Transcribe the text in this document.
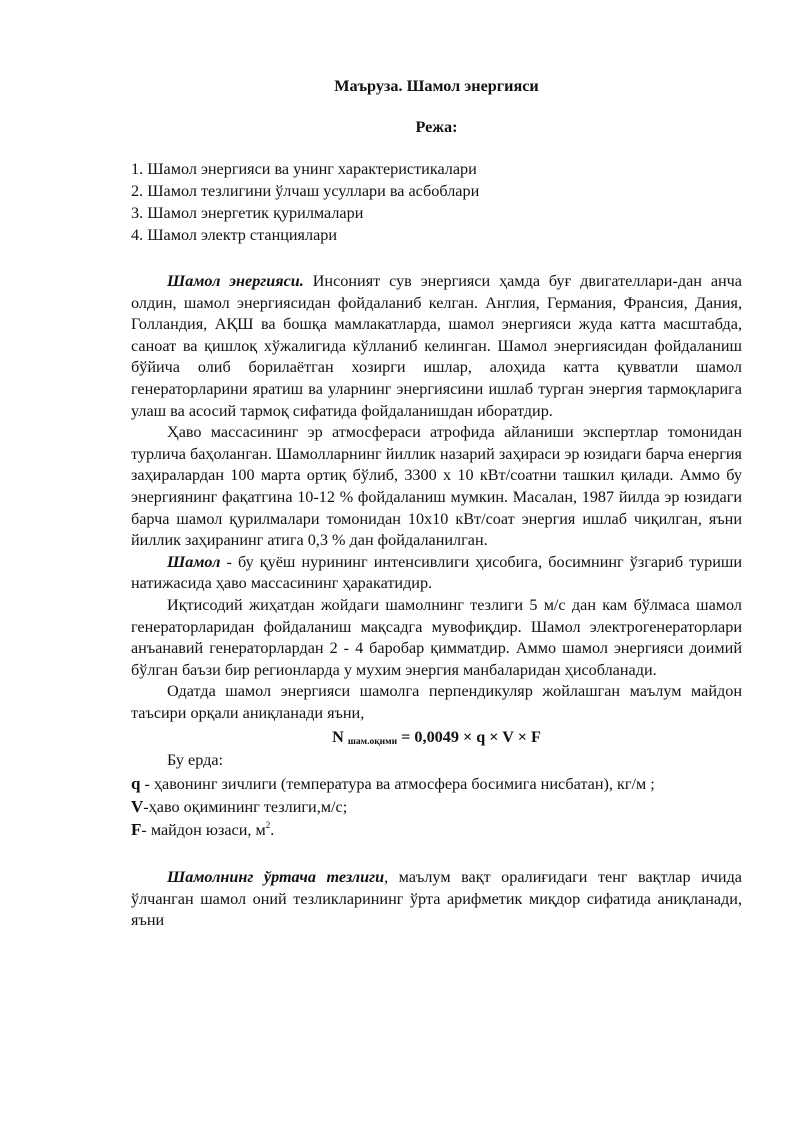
Маъруза. Шамол энергияси

Режа:

1. Шамол энергияси ва унинг характеристикалари
2. Шамол тезлигини ўлчаш усуллари ва асбоблари
3. Шамол энергетик қурилмалари
4. Шамол электр станциялари

Шамол энергияси. Инсоният сув энергияси ҳамда буғ двигателлари-дан анча олдин, шамол энергиясидан фойдаланиб келган. Англия, Германия, Франсия, Дания, Голландия, АҚШ ва бошқа мамлакатларда, шамол энергияси жуда катта масштабда, саноат ва қишлоқ хўжалигида кўлланиб келинган. Шамол энергиясидан фойдаланиш бўйича олиб борилаётган хозирги ишлар, алоҳида катта қувватли шамол генераторларини яратиш ва уларнинг энергиясини ишлаб турган энергия тармоқларига улаш ва асосий тармоқ сифатида фойдаланишдан иборатдир.

Ҳаво массасининг эр атмосфераси атрофида айланиши экспертлар томонидан турлича баҳоланган. Шамолларнинг йиллик назарий заҳираси эр юзидаги барча енергия заҳиралардан 100 марта ортиқ бўлиб, 3300 x 10 кВт/соатни ташкил қилади. Аммо бу энергиянинг фақатгина 10-12 % фойдаланиш мумкин. Масалан, 1987 йилда эр юзидаги барча шамол қурилмалари томонидан 10x10 кВт/соат энергия ишлаб чиқилган, яъни йиллик заҳиранинг атига 0,3 % дан фойдаланилган.

Шамол - бу қуёш нурининг интенсивлиги ҳисобига, босимнинг ўзгариб туриши натижасида ҳаво массасининг ҳаракатидир.

Иқтисодий жиҳатдан жойдаги шамолнинг тезлиги 5 м/с дан кам бўлмаса шамол генераторларидан фойдаланиш мақсадга мувофиқдир. Шамол электрогенераторлари анъанавий генераторлардан 2 - 4 баробар қимматдир. Аммо шамол энергияси доимий бўлган баъзи бир регионларда у мухим энергия манбаларидан ҳисобланади.

Одатда шамол энергияси шамолга перпендикуляр жойлашган маълум майдон таъсири орқали аниқланади яъни,

N $_{шам.оқими}$ = 0,0049 × q × V × F

Бу ерда:

q - ҳавонинг зичлиги (температура ва атмосфера босимига нисбатан), кг/м ;
V-ҳаво оқимининг тезлиги,м/с;
F- майдон юзаси, $м^2$.

Шамолнинг ўртача тезлиги, маълум вақт оралиғидаги тенг вақтлар ичида ўлчанган шамол оний тезликларининг ўрта арифметик миқдор сифатида аниқланади, яъни
